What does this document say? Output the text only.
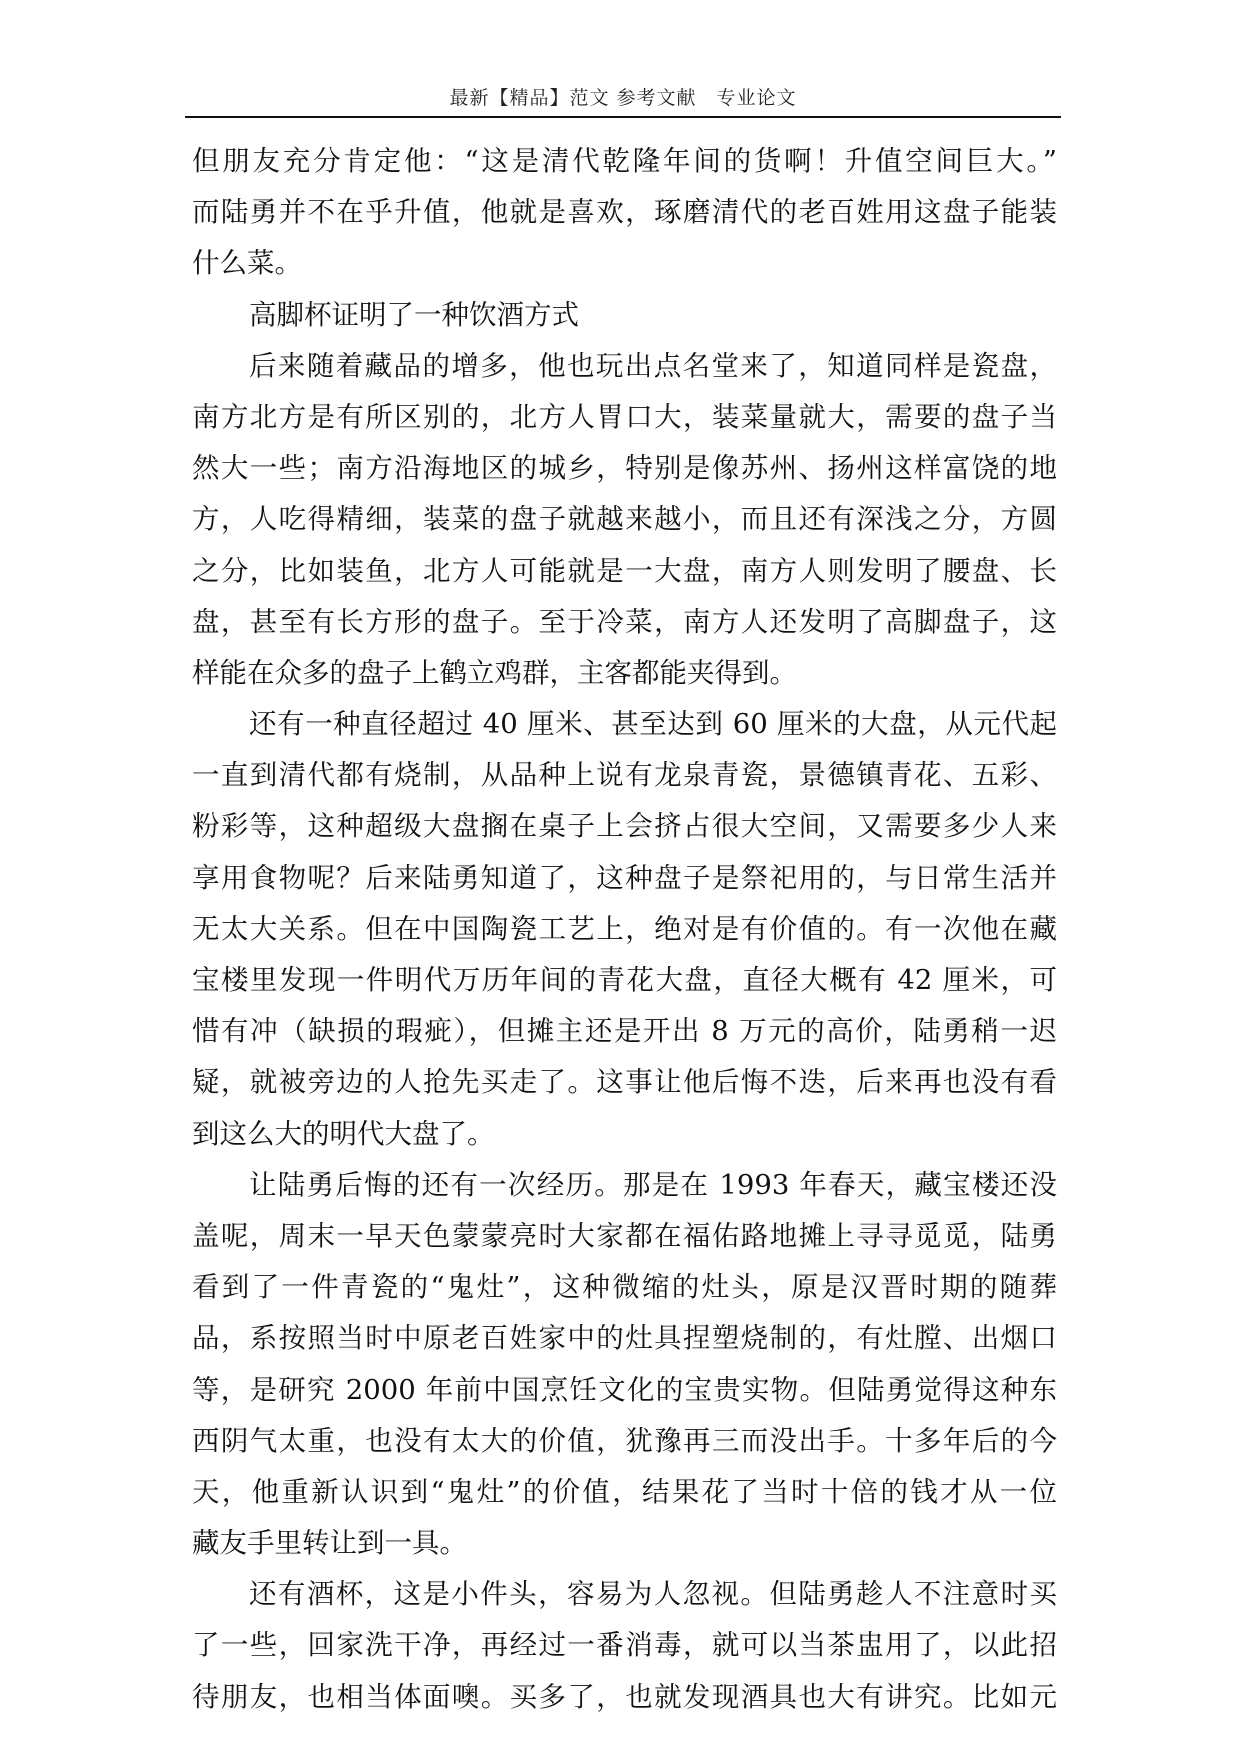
最新【精品】范文 参考文献　专业论文
但朋友充分肯定他：“这是清代乾隆年间的货啊！升值空间巨大。”
而陆勇并不在乎升值，他就是喜欢，琢磨清代的老百姓用这盘子能装
什么菜。
高脚杯证明了一种饮酒方式
后来随着藏品的增多，他也玩出点名堂来了，知道同样是瓷盘，
南方北方是有所区别的，北方人胃口大，装菜量就大，需要的盘子当
然大一些；南方沿海地区的城乡，特别是像苏州、扬州这样富饶的地
方，人吃得精细，装菜的盘子就越来越小，而且还有深浅之分，方圆
之分，比如装鱼，北方人可能就是一大盘，南方人则发明了腰盘、长
盘，甚至有长方形的盘子。至于冷菜，南方人还发明了高脚盘子，这
样能在众多的盘子上鹤立鸡群，主客都能夹得到。
还有一种直径超过 40 厘米、甚至达到 60 厘米的大盘，从元代起
一直到清代都有烧制，从品种上说有龙泉青瓷，景德镇青花、五彩、
粉彩等，这种超级大盘搁在桌子上会挤占很大空间，又需要多少人来
享用食物呢？后来陆勇知道了，这种盘子是祭祀用的，与日常生活并
无太大关系。但在中国陶瓷工艺上，绝对是有价值的。有一次他在藏
宝楼里发现一件明代万历年间的青花大盘，直径大概有 42 厘米，可
惜有冲（缺损的瑕疵），但摊主还是开出 8 万元的高价，陆勇稍一迟
疑，就被旁边的人抢先买走了。这事让他后悔不迭，后来再也没有看
到这么大的明代大盘了。
让陆勇后悔的还有一次经历。那是在 1993 年春天，藏宝楼还没
盖呢，周末一早天色蒙蒙亮时大家都在福佑路地摊上寻寻觅觅，陆勇
看到了一件青瓷的“鬼灶”，这种微缩的灶头，原是汉晋时期的随葬
品，系按照当时中原老百姓家中的灶具捏塑烧制的，有灶膛、出烟口
等，是研究 2000 年前中国烹饪文化的宝贵实物。但陆勇觉得这种东
西阴气太重，也没有太大的价值，犹豫再三而没出手。十多年后的今
天，他重新认识到“鬼灶”的价值，结果花了当时十倍的钱才从一位
藏友手里转让到一具。
还有酒杯，这是小件头，容易为人忽视。但陆勇趁人不注意时买
了一些，回家洗干净，再经过一番消毒，就可以当茶盅用了，以此招
待朋友，也相当体面噢。买多了，也就发现酒具也大有讲究。比如元
